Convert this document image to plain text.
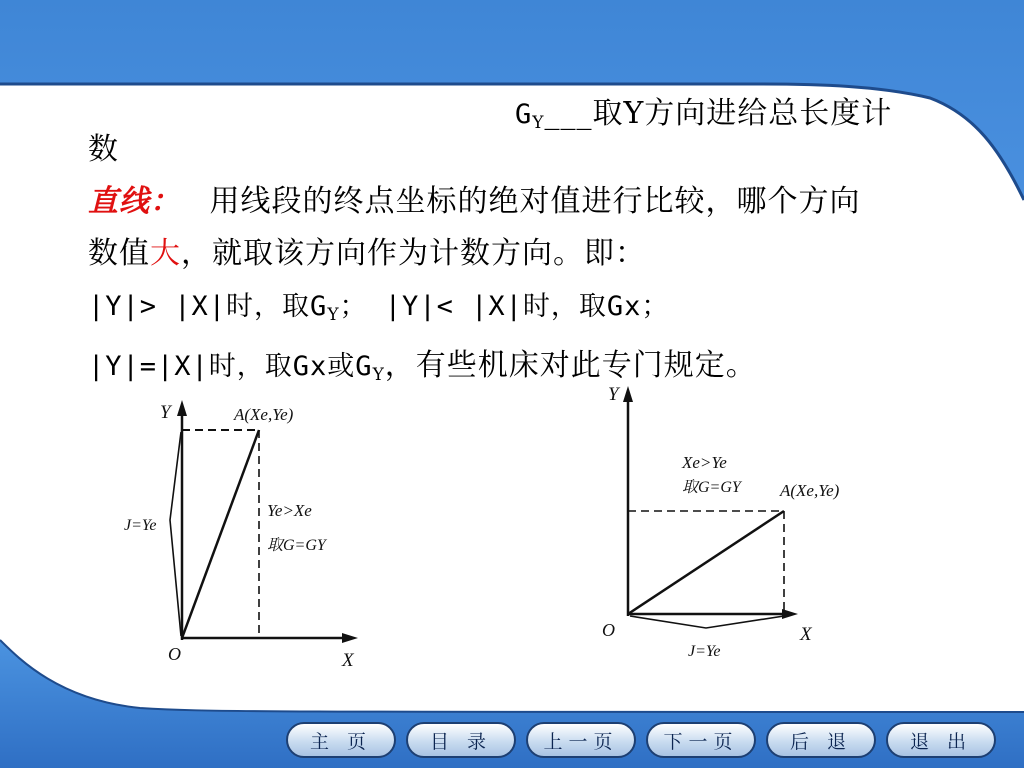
$G_Y\_\_\_$取Y方向进给总长度计
数
直线： 用线段的终点坐标的绝对值进行比较，哪个方向
数值大，就取该方向作为计数方向。即：
|Y|> |X|时，取$G_Y$； |Y|< |X|时，取Gx；
|Y|=|X|时，取Gx或$G_Y$，有些机床对此专门规定。
Y
X
O
A(Xe,Ye)
J=Ye
Ye>Xe
取G=GY
Y
X
O
A(Xe,Ye)
Xe>Ye
取G=GY
J=Ye
主 页	目 录	上一页	下一页	后 退	退 出
